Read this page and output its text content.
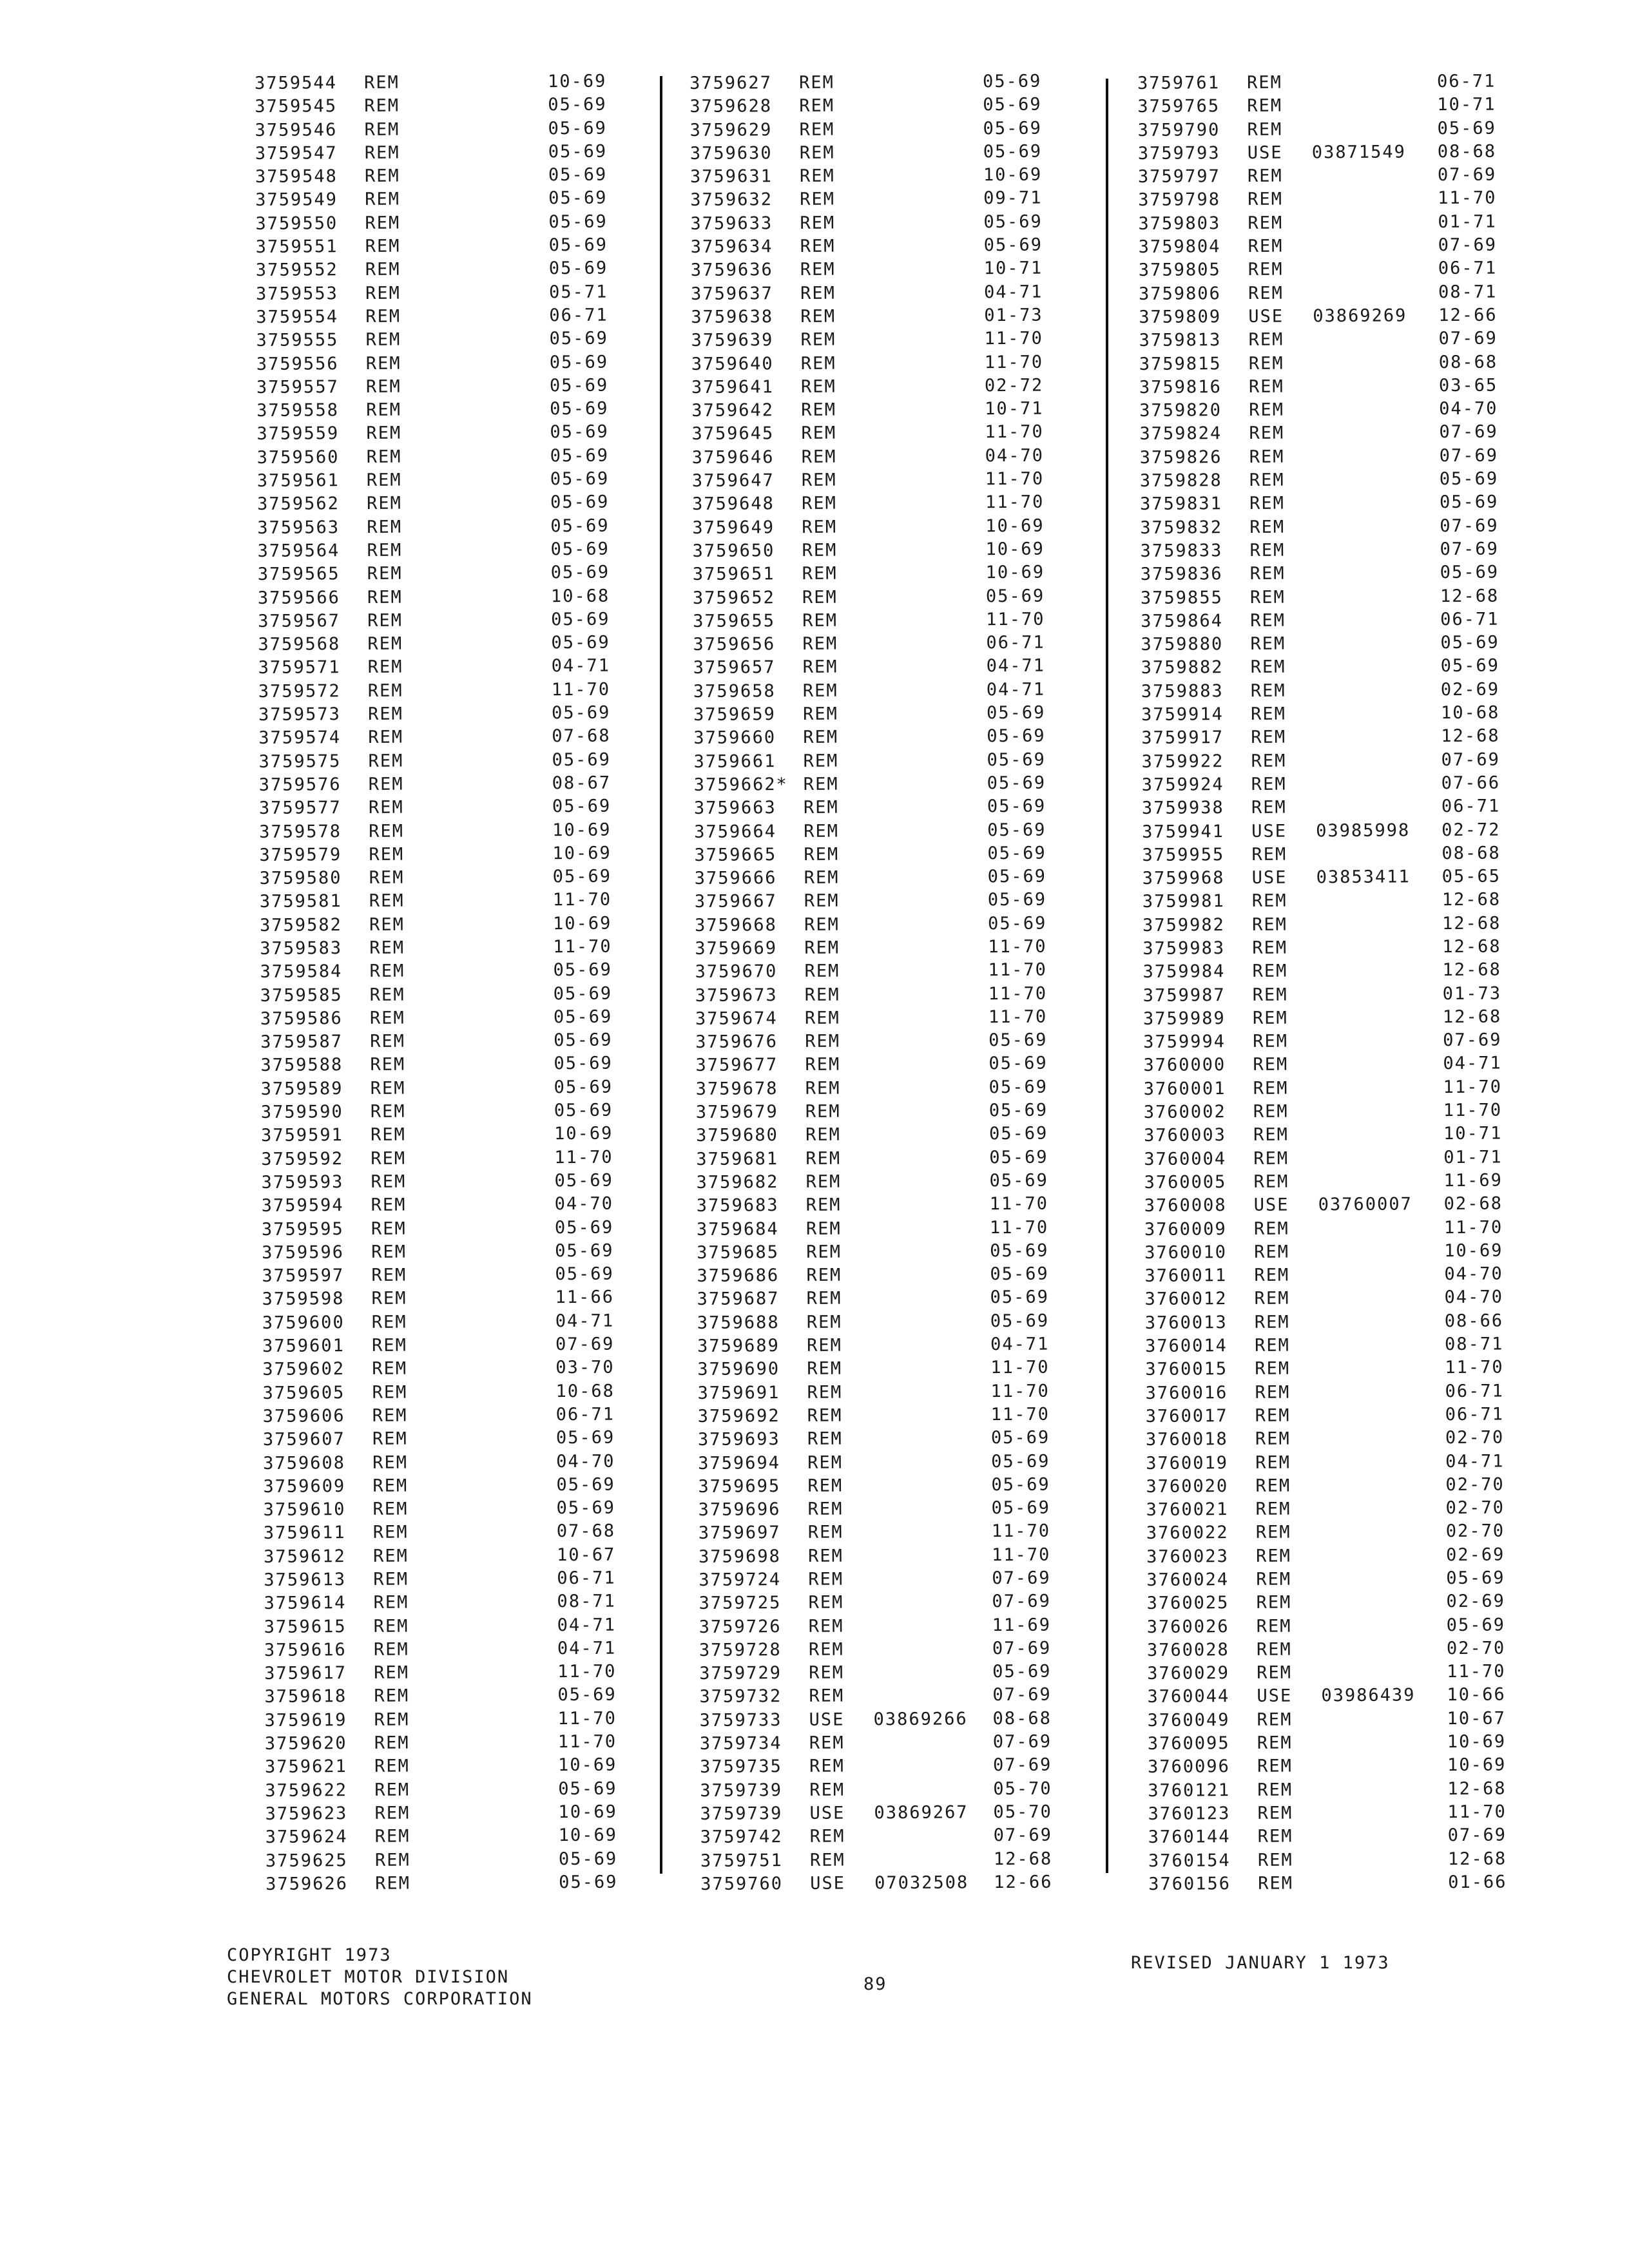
3759544 REM	10-69
3759545 REM	05-69
3759546 REM	05-69
3759547 REM	05-69
3759548 REM	05-69
3759549 REM	05-69
3759550 REM	05-69
3759551 REM	05-69
3759552 REM	05-69
3759553 REM	05-71
3759554 REM	06-71
3759555 REM	05-69
3759556 REM	05-69
3759557 REM	05-69
3759558 REM	05-69
3759559 REM	05-69
3759560 REM	05-69
3759561 REM	05-69
3759562 REM	05-69
3759563 REM	05-69
3759564 REM	05-69
3759565 REM	05-69
3759566 REM	10-68
3759567 REM	05-69
3759568 REM	05-69
3759571 REM	04-71
3759572 REM	11-70
3759573 REM	05-69
3759574 REM	07-68
3759575 REM	05-69
3759576 REM	08-67
3759577 REM	05-69
3759578 REM	10-69
3759579 REM	10-69
3759580 REM	05-69
3759581 REM	11-70
3759582 REM	10-69
3759583 REM	11-70
3759584 REM	05-69
3759585 REM	05-69
3759586 REM	05-69
3759587 REM	05-69
3759588 REM	05-69
3759589 REM	05-69
3759590 REM	05-69
3759591 REM	10-69
3759592 REM	11-70
3759593 REM	05-69
3759594 REM	04-70
3759595 REM	05-69
3759596 REM	05-69
3759597 REM	05-69
3759598 REM	11-66
3759600 REM	04-71
3759601 REM	07-69
3759602 REM	03-70
3759605 REM	10-68
3759606 REM	06-71
3759607 REM	05-69
3759608 REM	04-70
3759609 REM	05-69
3759610 REM	05-69
3759611 REM	07-68
3759612 REM	10-67
3759613 REM	06-71
3759614 REM	08-71
3759615 REM	04-71
3759616 REM	04-71
3759617 REM	11-70
3759618 REM	05-69
3759619 REM	11-70
3759620 REM	11-70
3759621 REM	10-69
3759622 REM	05-69
3759623 REM	10-69
3759624 REM	10-69
3759625 REM	05-69
3759626 REM	05-69
3759627 REM	05-69
3759628 REM	05-69
3759629 REM	05-69
3759630 REM	05-69
3759631 REM	10-69
3759632 REM	09-71
3759633 REM	05-69
3759634 REM	05-69
3759636 REM	10-71
3759637 REM	04-71
3759638 REM	01-73
3759639 REM	11-70
3759640 REM	11-70
3759641 REM	02-72
3759642 REM	10-71
3759645 REM	11-70
3759646 REM	04-70
3759647 REM	11-70
3759648 REM	11-70
3759649 REM	10-69
3759650 REM	10-69
3759651 REM	10-69
3759652 REM	05-69
3759655 REM	11-70
3759656 REM	06-71
3759657 REM	04-71
3759658 REM	04-71
3759659 REM	05-69
3759660 REM	05-69
3759661 REM	05-69
3759662* REM	05-69
3759663 REM	05-69
3759664 REM	05-69
3759665 REM	05-69
3759666 REM	05-69
3759667 REM	05-69
3759668 REM	05-69
3759669 REM	11-70
3759670 REM	11-70
3759673 REM	11-70
3759674 REM	11-70
3759676 REM	05-69
3759677 REM	05-69
3759678 REM	05-69
3759679 REM	05-69
3759680 REM	05-69
3759681 REM	05-69
3759682 REM	05-69
3759683 REM	11-70
3759684 REM	11-70
3759685 REM	05-69
3759686 REM	05-69
3759687 REM	05-69
3759688 REM	05-69
3759689 REM	04-71
3759690 REM	11-70
3759691 REM	11-70
3759692 REM	11-70
3759693 REM	05-69
3759694 REM	05-69
3759695 REM	05-69
3759696 REM	05-69
3759697 REM	11-70
3759698 REM	11-70
3759724 REM	07-69
3759725 REM	07-69
3759726 REM	11-69
3759728 REM	07-69
3759729 REM	05-69
3759732 REM	07-69
3759733 USE 03869266 08-68
3759734 REM	07-69
3759735 REM	07-69
3759739 REM	05-70
3759739 USE 03869267 05-70
3759742 REM	07-69
3759751 REM	12-68
3759760 USE 07032508 12-66
3759761 REM	06-71
3759765 REM	10-71
3759790 REM	05-69
3759793 USE 03871549 08-68
3759797 REM	07-69
3759798 REM	11-70
3759803 REM	01-71
3759804 REM	07-69
3759805 REM	06-71
3759806 REM	08-71
3759809 USE 03869269 12-66
3759813 REM	07-69
3759815 REM	08-68
3759816 REM	03-65
3759820 REM	04-70
3759824 REM	07-69
3759826 REM	07-69
3759828 REM	05-69
3759831 REM	05-69
3759832 REM	07-69
3759833 REM	07-69
3759836 REM	05-69
3759855 REM	12-68
3759864 REM	06-71
3759880 REM	05-69
3759882 REM	05-69
3759883 REM	02-69
3759914 REM	10-68
3759917 REM	12-68
3759922 REM	07-69
3759924 REM	07-66
3759938 REM	06-71
3759941 USE 03985998 02-72
3759955 REM	08-68
3759968 USE 03853411 05-65
3759981 REM	12-68
3759982 REM	12-68
3759983 REM	12-68
3759984 REM	12-68
3759987 REM	01-73
3759989 REM	12-68
3759994 REM	07-69
3760000 REM	04-71
3760001 REM	11-70
3760002 REM	11-70
3760003 REM	10-71
3760004 REM	01-71
3760005 REM	11-69
3760008 USE 03760007 02-68
3760009 REM	11-70
3760010 REM	10-69
3760011 REM	04-70
3760012 REM	04-70
3760013 REM	08-66
3760014 REM	08-71
3760015 REM	11-70
3760016 REM	06-71
3760017 REM	06-71
3760018 REM	02-70
3760019 REM	04-71
3760020 REM	02-70
3760021 REM	02-70
3760022 REM	02-70
3760023 REM	02-69
3760024 REM	05-69
3760025 REM	02-69
3760026 REM	05-69
3760028 REM	02-70
3760029 REM	11-70
3760044 USE 03986439 10-66
3760049 REM	10-67
3760095 REM	10-69
3760096 REM	10-69
3760121 REM	12-68
3760123 REM	11-70
3760144 REM	07-69
3760154 REM	12-68
3760156 REM	01-66
COPYRIGHT 1973
CHEVROLET MOTOR DIVISION
GENERAL MOTORS CORPORATION
89
REVISED JANUARY 1 1973
